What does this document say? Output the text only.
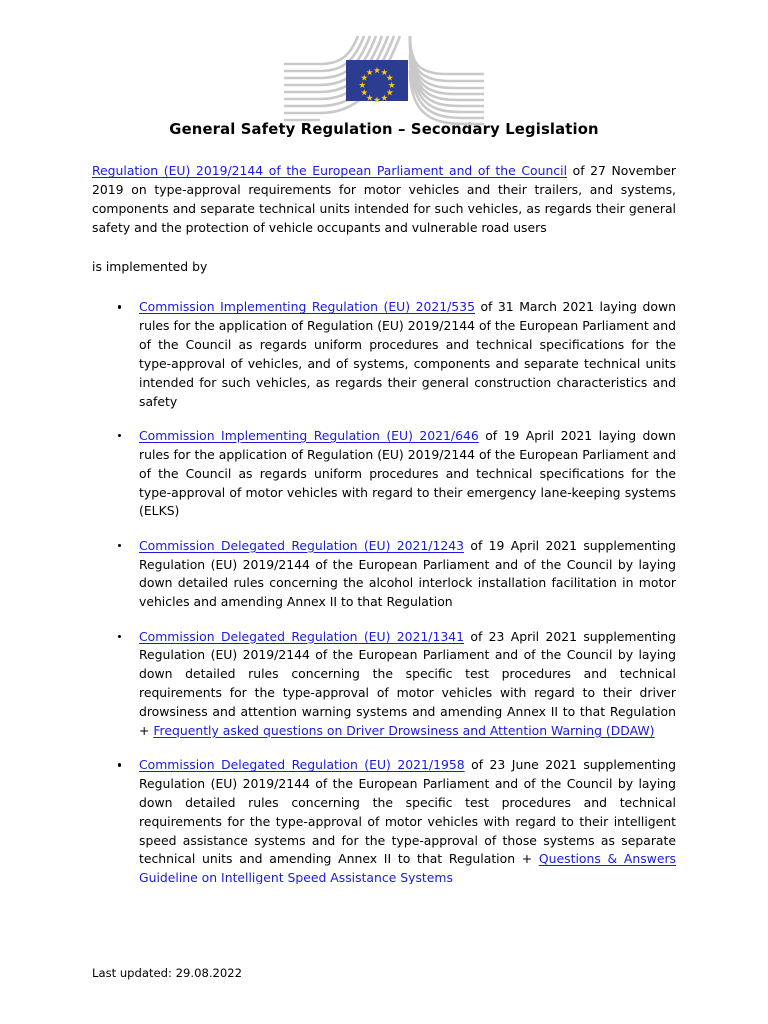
General Safety Regulation – Secondary Legislation

Regulation (EU) 2019/2144 of the European Parliament and of the Council of 27 November 2019 on type-approval requirements for motor vehicles and their trailers, and systems, components and separate technical units intended for such vehicles, as regards their general safety and the protection of vehicle occupants and vulnerable road users

is implemented by

Commission Implementing Regulation (EU) 2021/535 of 31 March 2021 laying down rules for the application of Regulation (EU) 2019/2144 of the European Parliament and of the Council as regards uniform procedures and technical specifications for the type-approval of vehicles, and of systems, components and separate technical units intended for such vehicles, as regards their general construction characteristics and safety
Commission Implementing Regulation (EU) 2021/646 of 19 April 2021 laying down rules for the application of Regulation (EU) 2019/2144 of the European Parliament and of the Council as regards uniform procedures and technical specifications for the type-approval of motor vehicles with regard to their emergency lane-keeping systems (ELKS)
Commission Delegated Regulation (EU) 2021/1243 of 19 April 2021 supplementing Regulation (EU) 2019/2144 of the European Parliament and of the Council by laying down detailed rules concerning the alcohol interlock installation facilitation in motor vehicles and amending Annex II to that Regulation
Commission Delegated Regulation (EU) 2021/1341 of 23 April 2021 supplementing Regulation (EU) 2019/2144 of the European Parliament and of the Council by laying down detailed rules concerning the specific test procedures and technical requirements for the type-approval of motor vehicles with regard to their driver drowsiness and attention warning systems and amending Annex II to that Regulation + Frequently asked questions on Driver Drowsiness and Attention Warning (DDAW)
Commission Delegated Regulation (EU) 2021/1958 of 23 June 2021 supplementing Regulation (EU) 2019/2144 of the European Parliament and of the Council by laying down detailed rules concerning the specific test procedures and technical requirements for the type-approval of motor vehicles with regard to their intelligent speed assistance systems and for the type-approval of those systems as separate technical units and amending Annex II to that Regulation + Questions & Answers Guideline on Intelligent Speed Assistance Systems
Last updated: 29.08.2022
